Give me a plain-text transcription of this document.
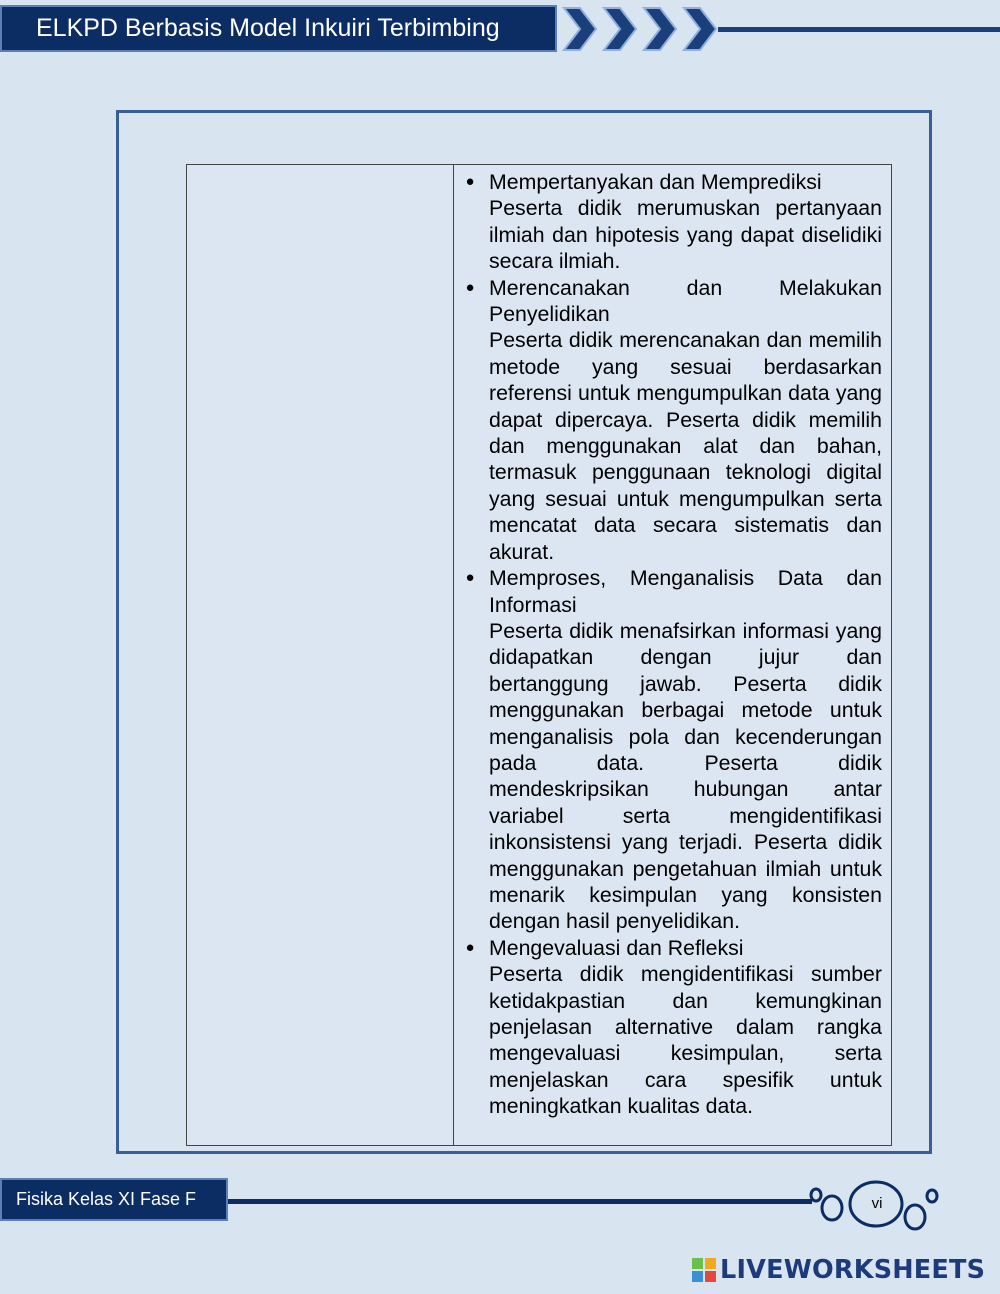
ELKPD Berbasis Model Inkuiri Terbimbing
● Mempertanyakan dan Memprediksi
Peserta didik merumuskan pertanyaan ilmiah dan hipotesis yang dapat diselidiki secara ilmiah.
● Merencanakan dan Melakukan Penyelidikan
Peserta didik merencanakan dan memilih metode yang sesuai berdasarkan referensi untuk mengumpulkan data yang dapat dipercaya. Peserta didik memilih dan menggunakan alat dan bahan, termasuk penggunaan teknologi digital yang sesuai untuk mengumpulkan serta mencatat data secara sistematis dan akurat.
● Memproses, Menganalisis Data dan Informasi
Peserta didik menafsirkan informasi yang didapatkan dengan jujur dan bertanggung jawab. Peserta didik menggunakan berbagai metode untuk menganalisis pola dan kecenderungan pada data. Peserta didik mendeskripsikan hubungan antar variabel serta mengidentifikasi inkonsistensi yang terjadi. Peserta didik menggunakan pengetahuan ilmiah untuk menarik kesimpulan yang konsisten dengan hasil penyelidikan.
● Mengevaluasi dan Refleksi
Peserta didik mengidentifikasi sumber ketidakpastian dan kemungkinan penjelasan alternative dalam rangka mengevaluasi kesimpulan, serta menjelaskan cara spesifik untuk meningkatkan kualitas data.
Fisika Kelas XI Fase F	vi
LIVEWORKSHEETS
